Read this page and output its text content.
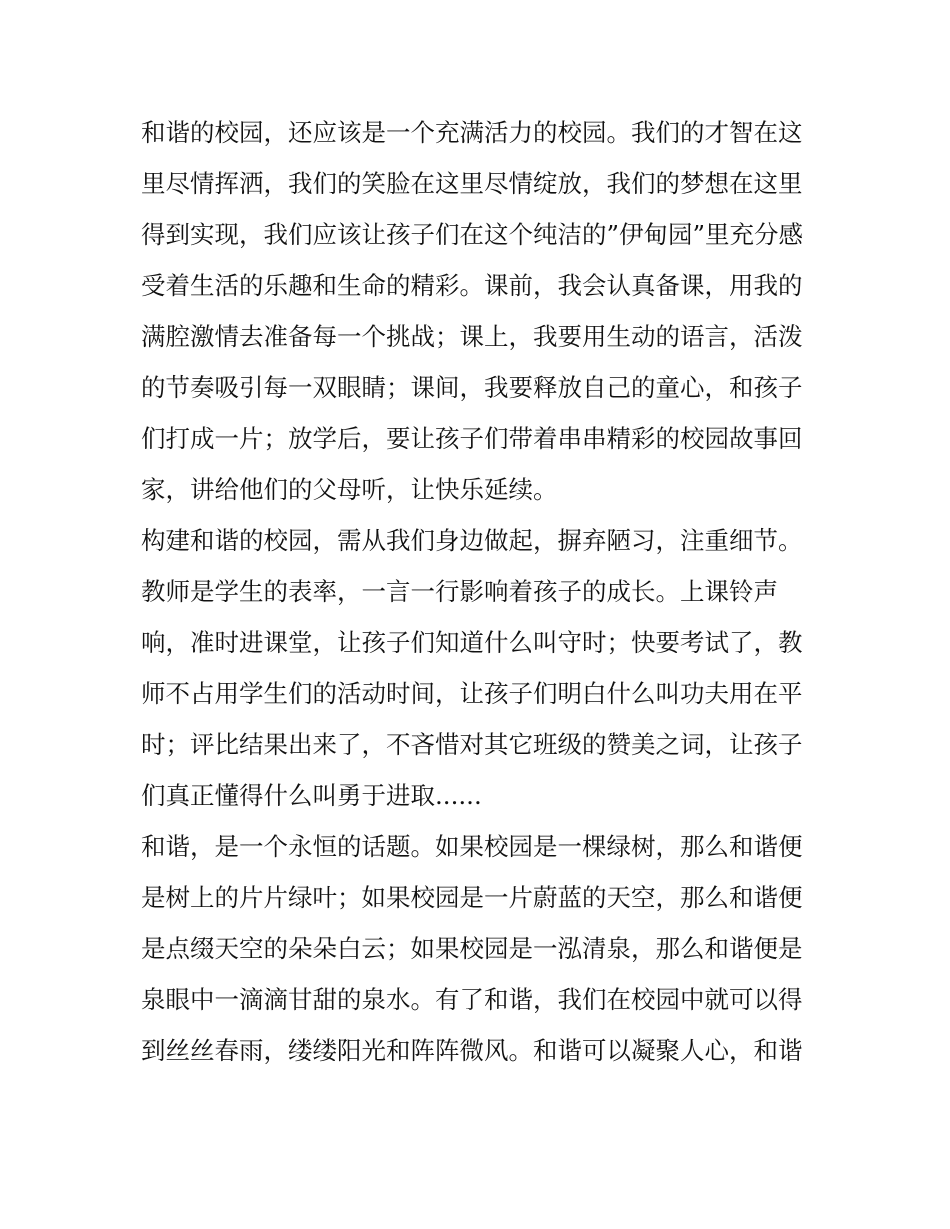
和谐的校园，还应该是一个充满活力的校园。我们的才智在这
里尽情挥洒，我们的笑脸在这里尽情绽放，我们的梦想在这里
得到实现，我们应该让孩子们在这个纯洁的”伊甸园”里充分感
受着生活的乐趣和生命的精彩。课前，我会认真备课，用我的
满腔激情去准备每一个挑战；课上，我要用生动的语言，活泼
的节奏吸引每一双眼睛；课间，我要释放自己的童心，和孩子
们打成一片；放学后，要让孩子们带着串串精彩的校园故事回
家，讲给他们的父母听，让快乐延续。
构建和谐的校园，需从我们身边做起，摒弃陋习，注重细节。
教师是学生的表率，一言一行影响着孩子的成长。上课铃声
响，准时进课堂，让孩子们知道什么叫守时；快要考试了，教
师不占用学生们的活动时间，让孩子们明白什么叫功夫用在平
时；评比结果出来了，不吝惜对其它班级的赞美之词，让孩子
们真正懂得什么叫勇于进取......
和谐，是一个永恒的话题。如果校园是一棵绿树，那么和谐便
是树上的片片绿叶；如果校园是一片蔚蓝的天空，那么和谐便
是点缀天空的朵朵白云；如果校园是一泓清泉，那么和谐便是
泉眼中一滴滴甘甜的泉水。有了和谐，我们在校园中就可以得
到丝丝春雨，缕缕阳光和阵阵微风。和谐可以凝聚人心，和谐
